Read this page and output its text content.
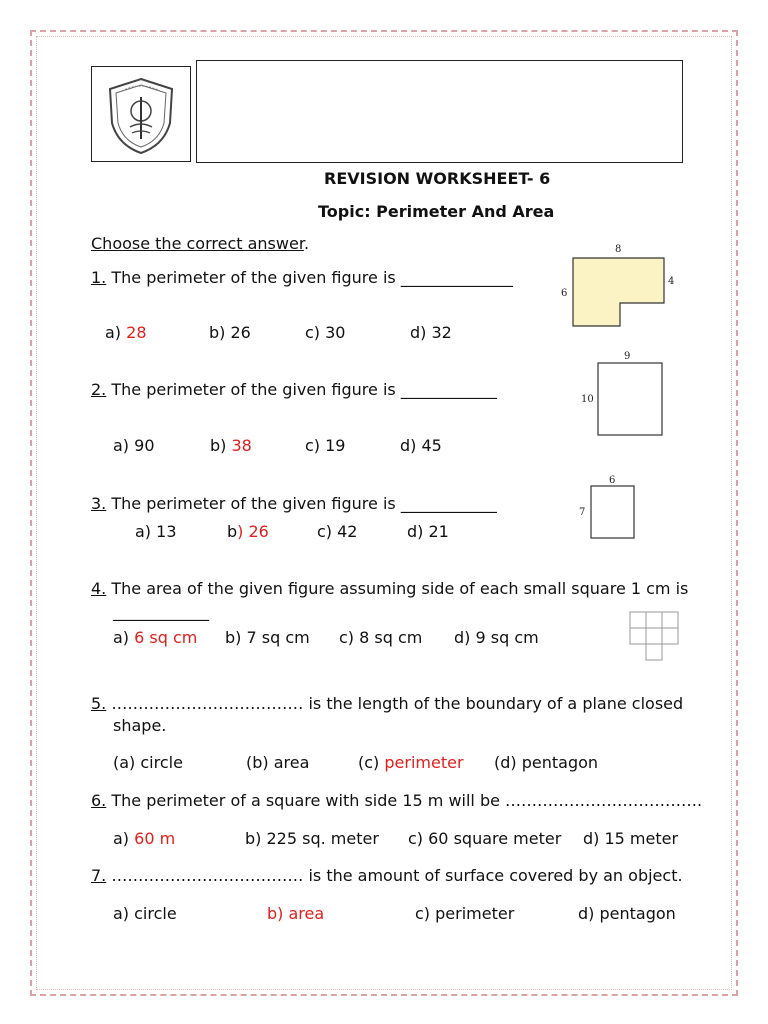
REVISION WORKSHEET- 6
Topic: Perimeter And Area
Choose the correct answer.
1. The perimeter of the given figure is ______________
a) 28	b) 26	c) 30	d) 32
8
6
4
2. The perimeter of the given figure is ____________
a) 90	b) 38	c) 19	d) 45
9
10
3. The perimeter of the given figure is ____________
a) 13	b) 26	c) 42	d) 21
6
7
4. The area of the given figure assuming side of each small square 1 cm is
____________
a) 6 sq cm b) 7 sq cm c) 8 sq cm d) 9 sq cm
5. ……………………………… is the length of the boundary of a plane closed
shape.
(a) circle	(b) area	(c) perimeter (d) pentagon
6. The perimeter of a square with side 15 m will be ……………………………….
a) 60 m	b) 225 sq. meter c) 60 square meter d) 15 meter
7. ……………………………… is the amount of surface covered by an object.
a) circle	b) area	c) perimeter	d) pentagon
